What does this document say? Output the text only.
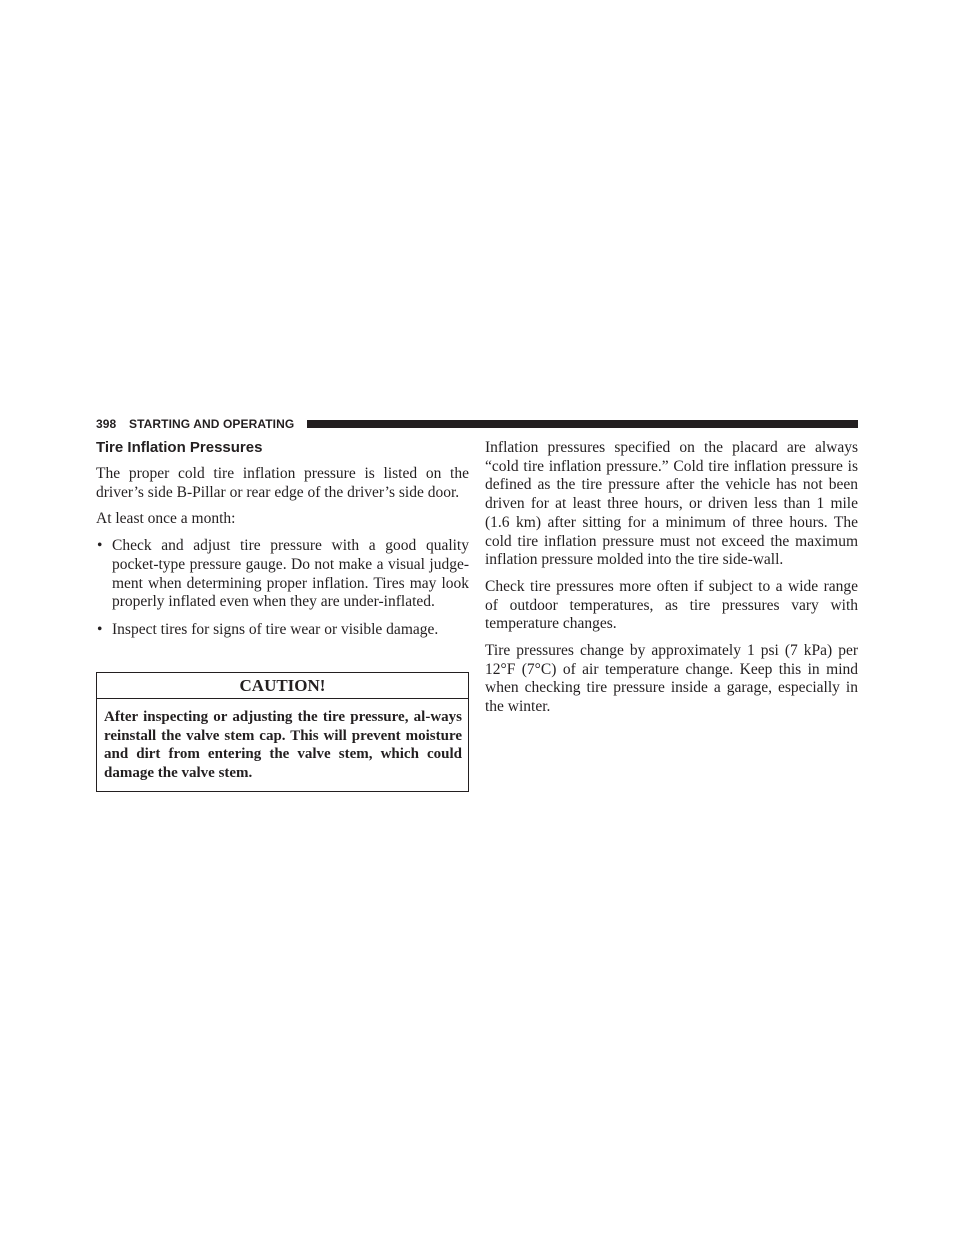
398 STARTING AND OPERATING
Tire Inflation Pressures

The proper cold tire inflation pressure is listed on the driver’s side B-Pillar or rear edge of the driver’s side door.

At least once a month:

• Check and adjust tire pressure with a good quality pocket-type pressure gauge. Do not make a visual judge-ment when determining proper inflation. Tires may look properly inflated even when they are under-inflated.
• Inspect tires for signs of tire wear or visible damage.
CAUTION!
After inspecting or adjusting the tire pressure, al-ways reinstall the valve stem cap. This will prevent moisture and dirt from entering the valve stem, which could damage the valve stem.

Inflation pressures specified on the placard are always “cold tire inflation pressure.” Cold tire inflation pressure is defined as the tire pressure after the vehicle has not been driven for at least three hours, or driven less than 1 mile (1.6 km) after sitting for a minimum of three hours. The cold tire inflation pressure must not exceed the maximum inflation pressure molded into the tire side-wall.

Check tire pressures more often if subject to a wide range of outdoor temperatures, as tire pressures vary with temperature changes.

Tire pressures change by approximately 1 psi (7 kPa) per 12°F (7°C) of air temperature change. Keep this in mind when checking tire pressure inside a garage, especially in the winter.
